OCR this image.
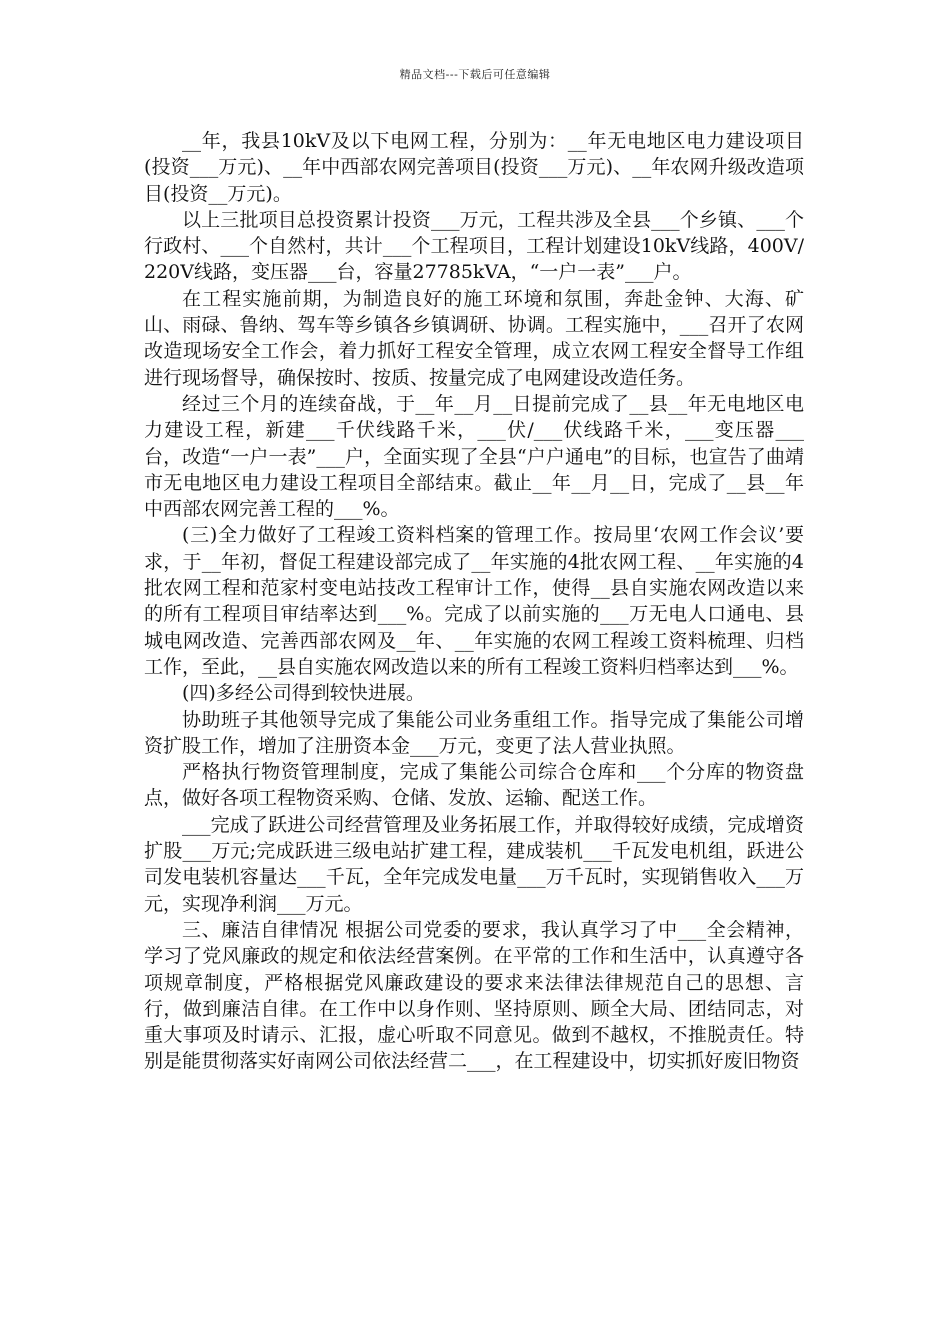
精品文档---下载后可任意编辑

__年，我县10kV及以下电网工程，分别为：__年无电地区电力建设项目(投资___万元)、__年中西部农网完善项目(投资___万元)、__年农网升级改造项目(投资__万元)。

以上三批项目总投资累计投资___万元，工程共涉及全县___个乡镇、___个行政村、___个自然村，共计___个工程项目，工程计划建设10kV线路，400V/220V线路，变压器___台，容量27785kVA，“一户一表”___户。

在工程实施前期，为制造良好的施工环境和氛围，奔赴金钟、大海、矿山、雨碌、鲁纳、驾车等乡镇各乡镇调研、协调。工程实施中，___召开了农网改造现场安全工作会，着力抓好工程安全管理，成立农网工程安全督导工作组进行现场督导，确保按时、按质、按量完成了电网建设改造任务。

经过三个月的连续奋战，于__年__月__日提前完成了__县__年无电地区电力建设工程，新建___千伏线路千米，___伏/___伏线路千米，___变压器___台，改造“一户一表”___户，全面实现了全县“户户通电”的目标，也宣告了曲靖市无电地区电力建设工程项目全部结束。截止__年__月__日，完成了__县__年中西部农网完善工程的___%。

(三)全力做好了工程竣工资料档案的管理工作。按局里‘农网工作会议’要求，于__年初，督促工程建设部完成了__年实施的4批农网工程、__年实施的4批农网工程和范家村变电站技改工程审计工作，使得__县自实施农网改造以来的所有工程项目审结率达到___%。完成了以前实施的___万无电人口通电、县城电网改造、完善西部农网及__年、__年实施的农网工程竣工资料梳理、归档工作，至此，__县自实施农网改造以来的所有工程竣工资料归档率达到___%。

(四)多经公司得到较快进展。

协助班子其他领导完成了集能公司业务重组工作。指导完成了集能公司增资扩股工作，增加了注册资本金___万元，变更了法人营业执照。

严格执行物资管理制度，完成了集能公司综合仓库和___个分库的物资盘点，做好各项工程物资采购、仓储、发放、运输、配送工作。

___完成了跃进公司经营管理及业务拓展工作，并取得较好成绩，完成增资扩股___万元;完成跃进三级电站扩建工程，建成装机___千瓦发电机组，跃进公司发电装机容量达___千瓦，全年完成发电量___万千瓦时，实现销售收入___万元，实现净利润___万元。

三、廉洁自律情况 根据公司党委的要求，我认真学习了中___全会精神，学习了党风廉政的规定和依法经营案例。在平常的工作和生活中，认真遵守各项规章制度，严格根据党风廉政建设的要求来法律法律规范自己的思想、言行，做到廉洁自律。在工作中以身作则、坚持原则、顾全大局、团结同志，对重大事项及时请示、汇报，虚心听取不同意见。做到不越权，不推脱责任。特别是能贯彻落实好南网公司依法经营二___，在工程建设中，切实抓好废旧物资
